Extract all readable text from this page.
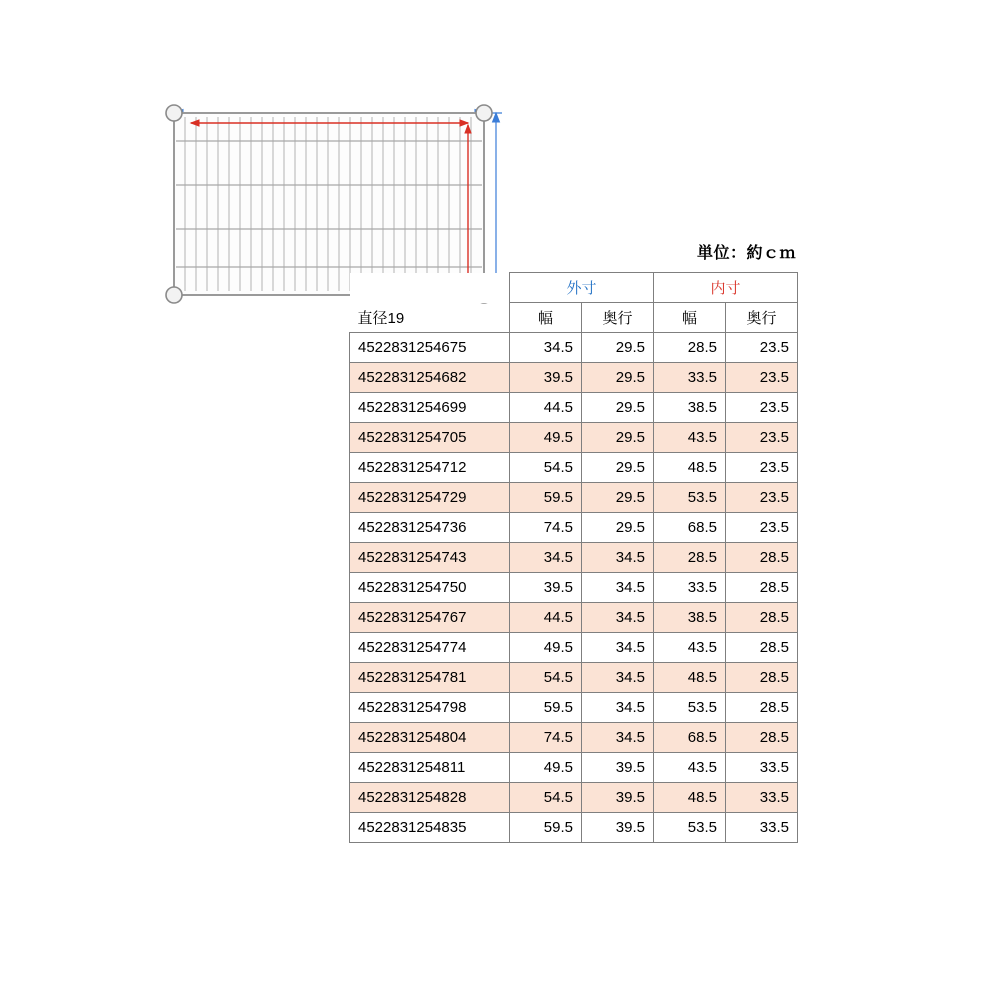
単位：約ｃｍ
	外寸		内寸	
直径19	幅	奥行	幅	奥行
4522831254675	34.5	29.5	28.5	23.5
4522831254682	39.5	29.5	33.5	23.5
4522831254699	44.5	29.5	38.5	23.5
4522831254705	49.5	29.5	43.5	23.5
4522831254712	54.5	29.5	48.5	23.5
4522831254729	59.5	29.5	53.5	23.5
4522831254736	74.5	29.5	68.5	23.5
4522831254743	34.5	34.5	28.5	28.5
4522831254750	39.5	34.5	33.5	28.5
4522831254767	44.5	34.5	38.5	28.5
4522831254774	49.5	34.5	43.5	28.5
4522831254781	54.5	34.5	48.5	28.5
4522831254798	59.5	34.5	53.5	28.5
4522831254804	74.5	34.5	68.5	28.5
4522831254811	49.5	39.5	43.5	33.5
4522831254828	54.5	39.5	48.5	33.5
4522831254835	59.5	39.5	53.5	33.5
